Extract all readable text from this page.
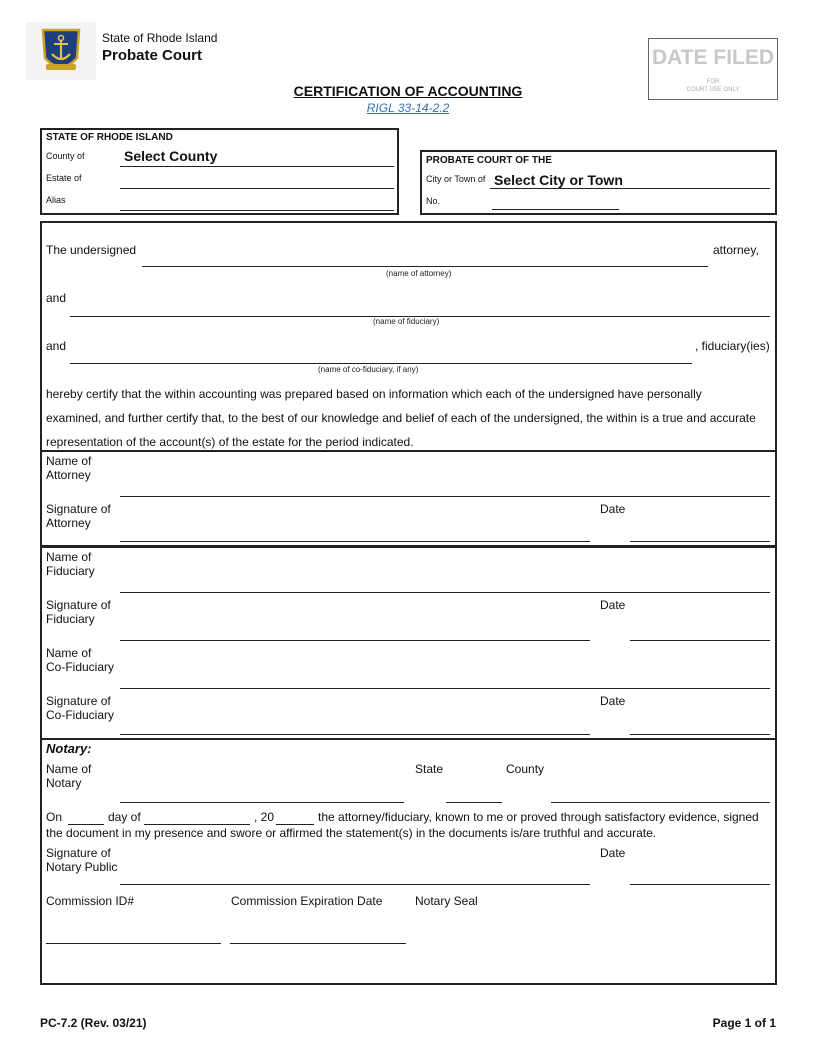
State of Rhode Island
Probate Court	DATE FILED
FOR
COURT USE ONLY
CERTIFICATION OF ACCOUNTING
RIGL 33-14-2.2
STATE OF RHODE ISLAND
County of	Select County
Estate of
Alias
PROBATE COURT OF THE
City or Town of Select City or Town
No.
The undersigned	attorney,
(name of attorney)
and
(name of fiduciary)
and	, fiduciary(ies)
(name of co-fiduciary, if any)
hereby certify that the within accounting was prepared based on information which each of the undersigned have personally
examined, and further certify that, to the best of our knowledge and belief of each of the undersigned, the within is a true and accurate
representation of the account(s) of the estate for the period indicated.
Name of
Attorney
Signature of
Attorney
Date
Name of
Fiduciary
Signature of
Fiduciary
Date
Name of
Co-Fiduciary
Signature of
Co-Fiduciary
Date
Notary:
Name of
Notary
State	County
On	day of	, 20	the attorney/fiduciary, known to me or proved through satisfactory evidence, signed
the document in my presence and swore or affirmed the statement(s) in the documents is/are truthful and accurate.
Signature of
Notary Public
Date
Commission ID#	Commission Expiration Date	Notary Seal
PC-7.2 (Rev. 03/21)	Page 1 of 1
